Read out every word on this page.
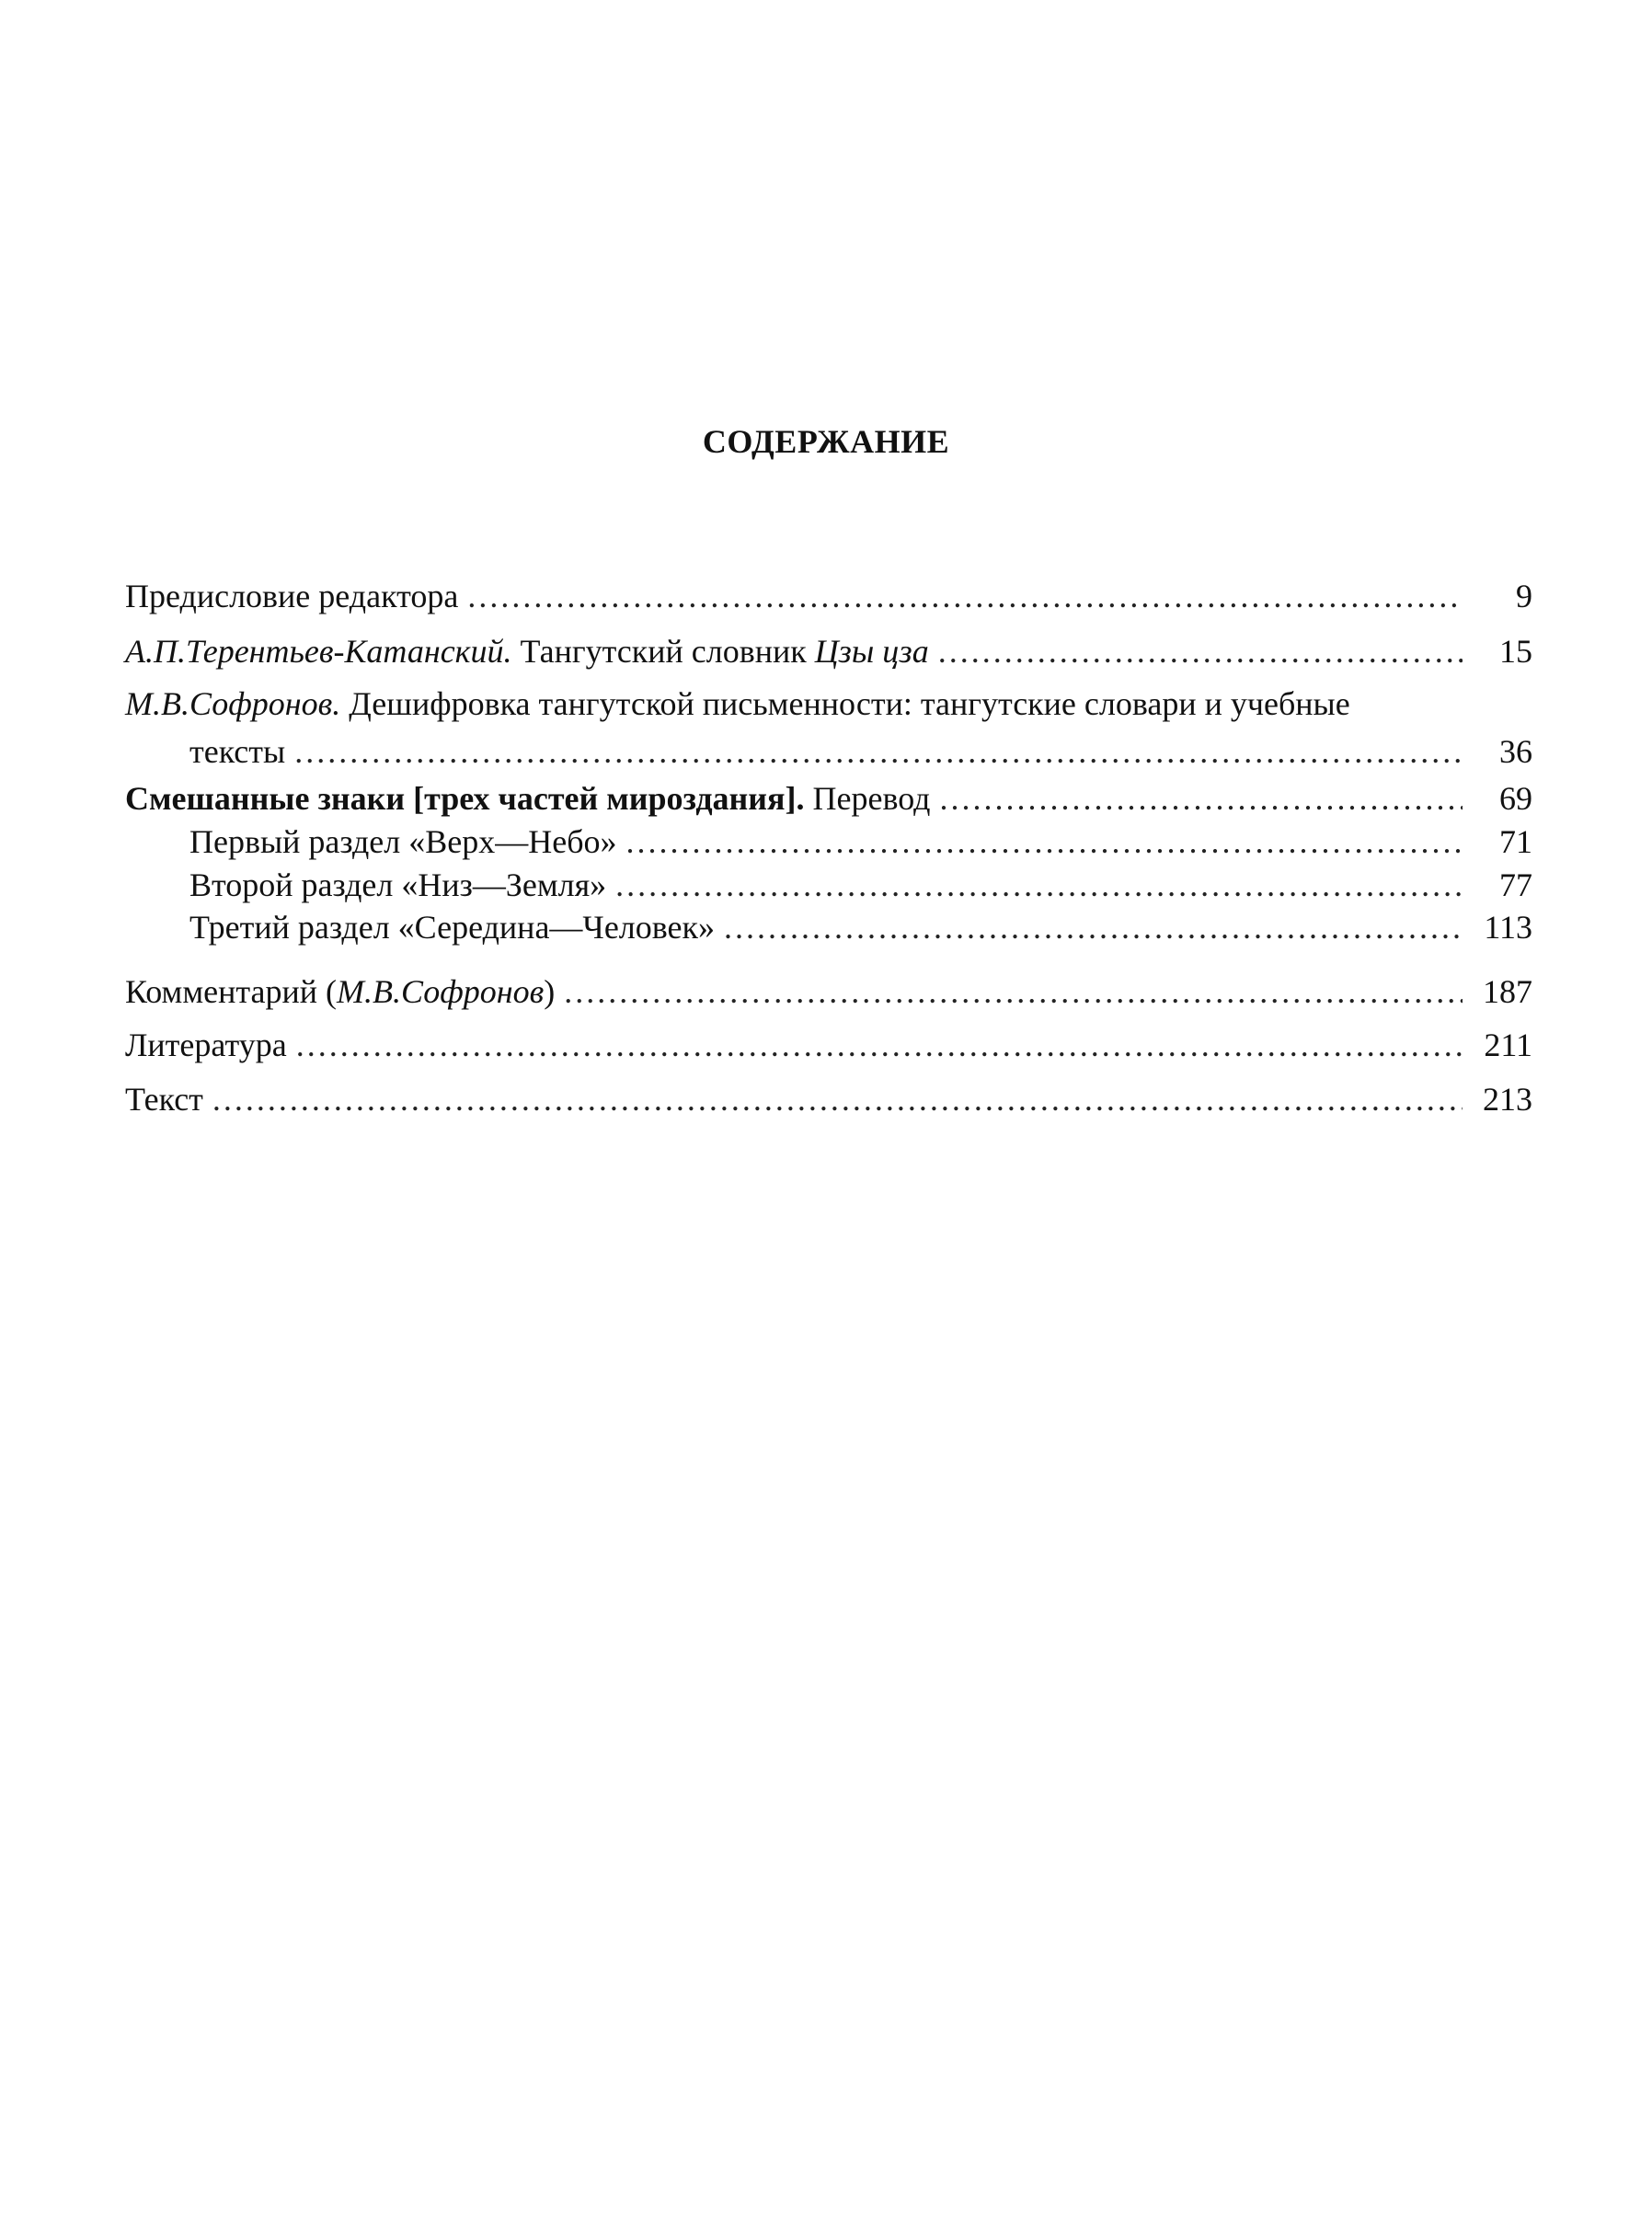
СОДЕРЖАНИЕ
Предисловие редактора .....	9
А.П.Терентьев-Катанский. Тангутский словник Цзы цза .....	15
М.В.Софронов. Дешифровка тангутской письменности: тангутские словари и учебные
тексты .....	36
Смешанные знаки [трех частей мироздания]. Перевод .....	69
Первый раздел «Верх—Небо» .....	71
Второй раздел «Низ—Земля» .....	77
Третий раздел «Середина—Человек» .....	113
Комментарий (М.В.Софронов) .....	187
Литература .....	211
Текст .....	213
